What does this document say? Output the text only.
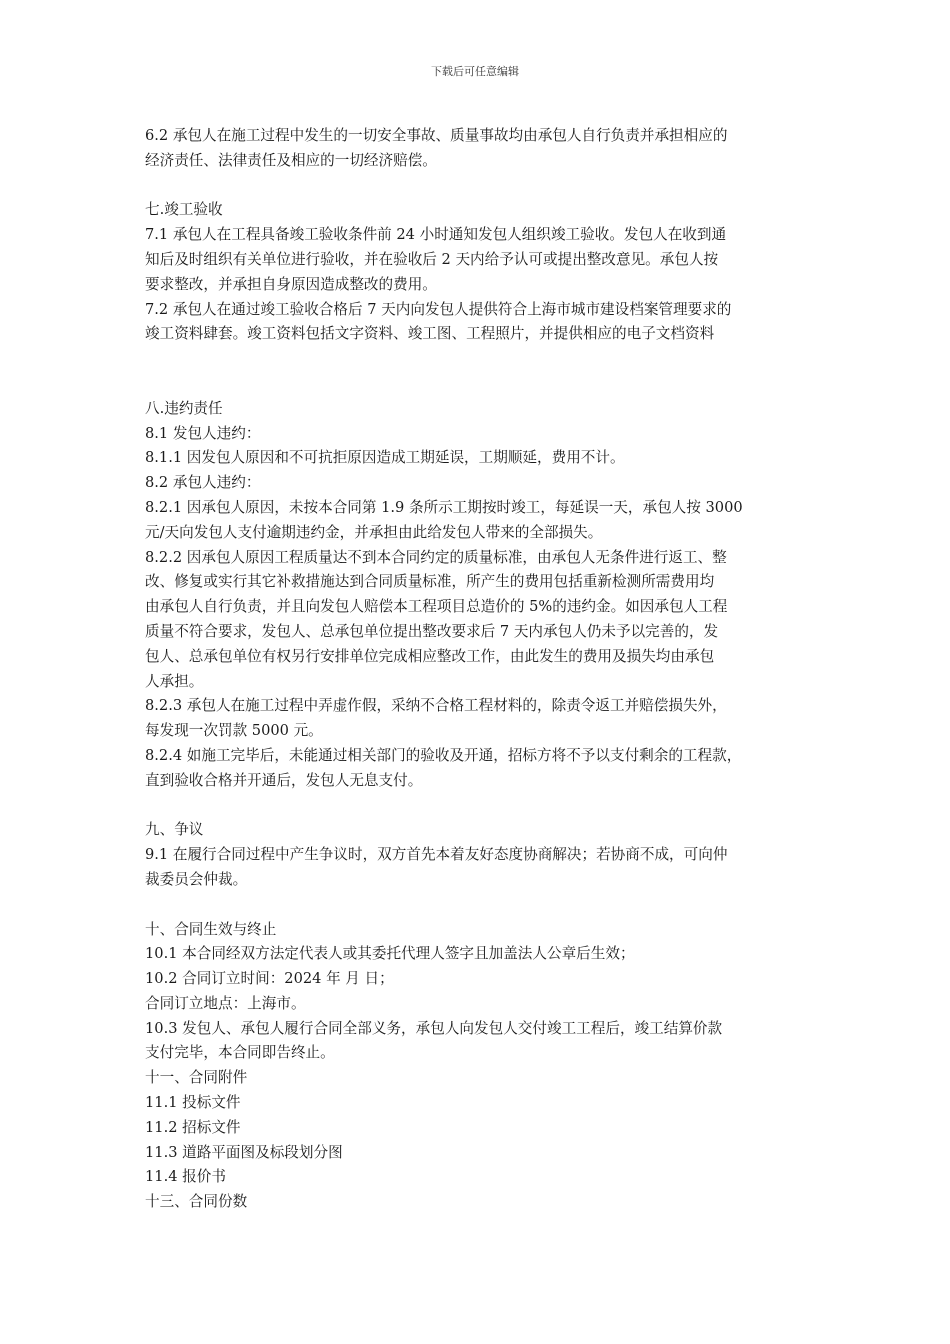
下载后可任意编辑
6.2 承包人在施工过程中发生的一切安全事故、质量事故均由承包人自行负责并承担相应的
经济责任、法律责任及相应的一切经济赔偿。
七.竣工验收
7.1 承包人在工程具备竣工验收条件前 24 小时通知发包人组织竣工验收。发包人在收到通
知后及时组织有关单位进行验收，并在验收后 2 天内给予认可或提出整改意见。承包人按
要求整改，并承担自身原因造成整改的费用。
7.2 承包人在通过竣工验收合格后 7 天内向发包人提供符合上海市城市建设档案管理要求的
竣工资料肆套。竣工资料包括文字资料、竣工图、工程照片，并提供相应的电子文档资料
八.违约责任
8.1 发包人违约：
8.1.1 因发包人原因和不可抗拒原因造成工期延误，工期顺延，费用不计。
8.2 承包人违约：
8.2.1 因承包人原因，未按本合同第 1.9 条所示工期按时竣工，每延误一天，承包人按 3000
元/天向发包人支付逾期违约金，并承担由此给发包人带来的全部损失。
8.2.2 因承包人原因工程质量达不到本合同约定的质量标准，由承包人无条件进行返工、整
改、修复或实行其它补救措施达到合同质量标准，所产生的费用包括重新检测所需费用均
由承包人自行负责，并且向发包人赔偿本工程项目总造价的 5%的违约金。如因承包人工程
质量不符合要求，发包人、总承包单位提出整改要求后 7 天内承包人仍未予以完善的，发
包人、总承包单位有权另行安排单位完成相应整改工作，由此发生的费用及损失均由承包
人承担。
8.2.3 承包人在施工过程中弄虚作假，采纳不合格工程材料的，除责令返工并赔偿损失外，
每发现一次罚款 5000 元。
8.2.4 如施工完毕后，未能通过相关部门的验收及开通，招标方将不予以支付剩余的工程款，
直到验收合格并开通后，发包人无息支付。
九、争议
9.1 在履行合同过程中产生争议时，双方首先本着友好态度协商解决；若协商不成，可向仲
裁委员会仲裁。
十、合同生效与终止
10.1 本合同经双方法定代表人或其委托代理人签字且加盖法人公章后生效；
10.2 合同订立时间：2024 年 月 日；
合同订立地点：上海市。
10.3 发包人、承包人履行合同全部义务，承包人向发包人交付竣工工程后，竣工结算价款
支付完毕，本合同即告终止。
十一、合同附件
11.1 投标文件
11.2 招标文件
11.3 道路平面图及标段划分图
11.4 报价书
十三、合同份数
